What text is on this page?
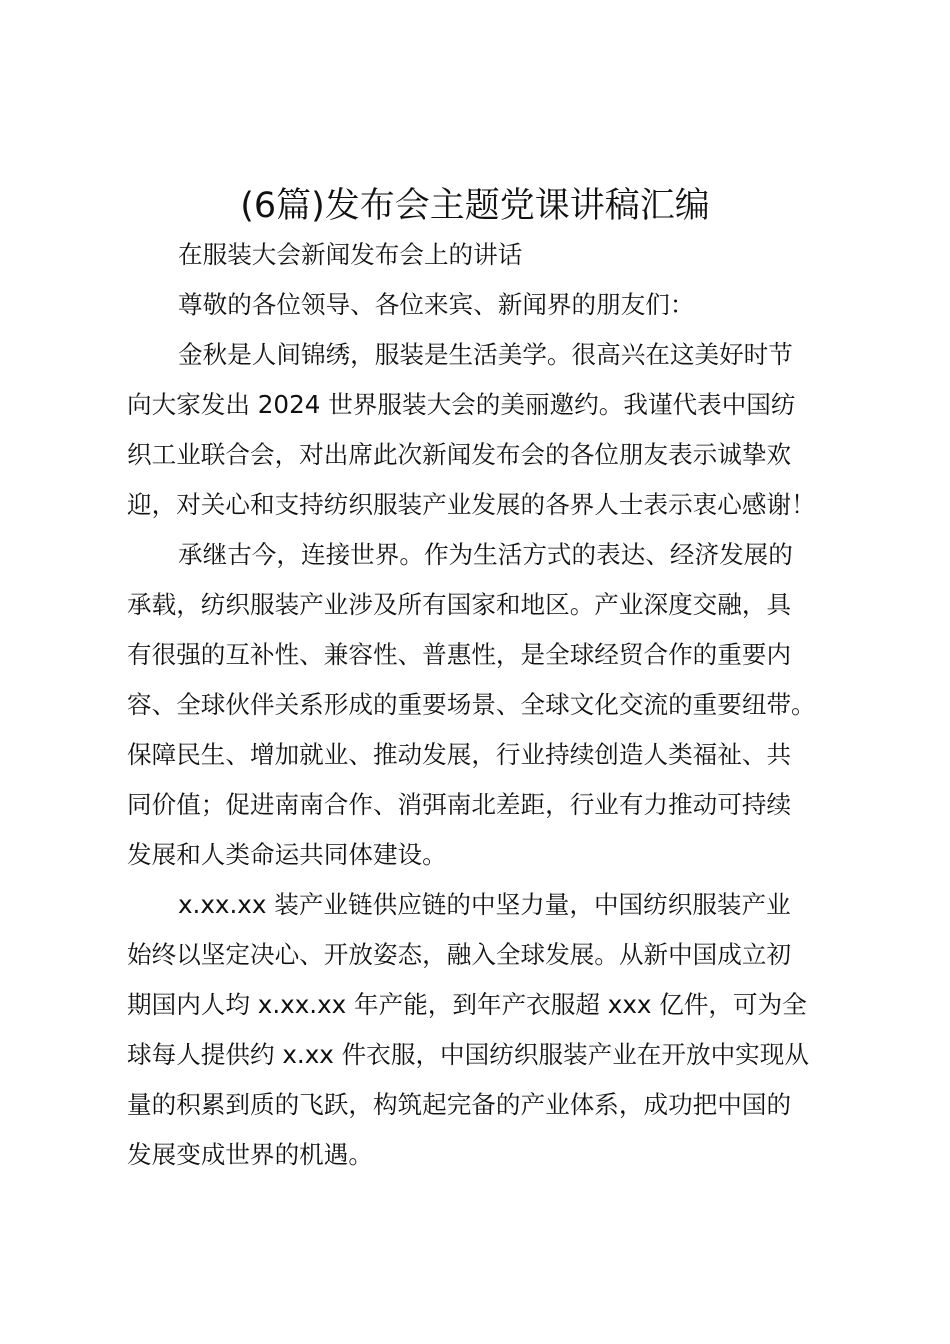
(6篇)发布会主题党课讲稿汇编
在服装大会新闻发布会上的讲话
尊敬的各位领导、各位来宾、新闻界的朋友们：
金秋是人间锦绣，服装是生活美学。很高兴在这美好时节
向大家发出 2024 世界服装大会的美丽邀约。我谨代表中国纺
织工业联合会，对出席此次新闻发布会的各位朋友表示诚挚欢
迎，对关心和支持纺织服装产业发展的各界人士表示衷心感谢！
承继古今，连接世界。作为生活方式的表达、经济发展的
承载，纺织服装产业涉及所有国家和地区。产业深度交融，具
有很强的互补性、兼容性、普惠性，是全球经贸合作的重要内
容、全球伙伴关系形成的重要场景、全球文化交流的重要纽带。
保障民生、增加就业、推动发展，行业持续创造人类福祉、共
同价值；促进南南合作、消弭南北差距，行业有力推动可持续
发展和人类命运共同体建设。
x.xx.xx 装产业链供应链的中坚力量，中国纺织服装产业
始终以坚定决心、开放姿态，融入全球发展。从新中国成立初
期国内人均 x.xx.xx 年产能，到年产衣服超 xxx 亿件，可为全
球每人提供约 x.xx 件衣服，中国纺织服装产业在开放中实现从
量的积累到质的飞跃，构筑起完备的产业体系，成功把中国的
发展变成世界的机遇。
